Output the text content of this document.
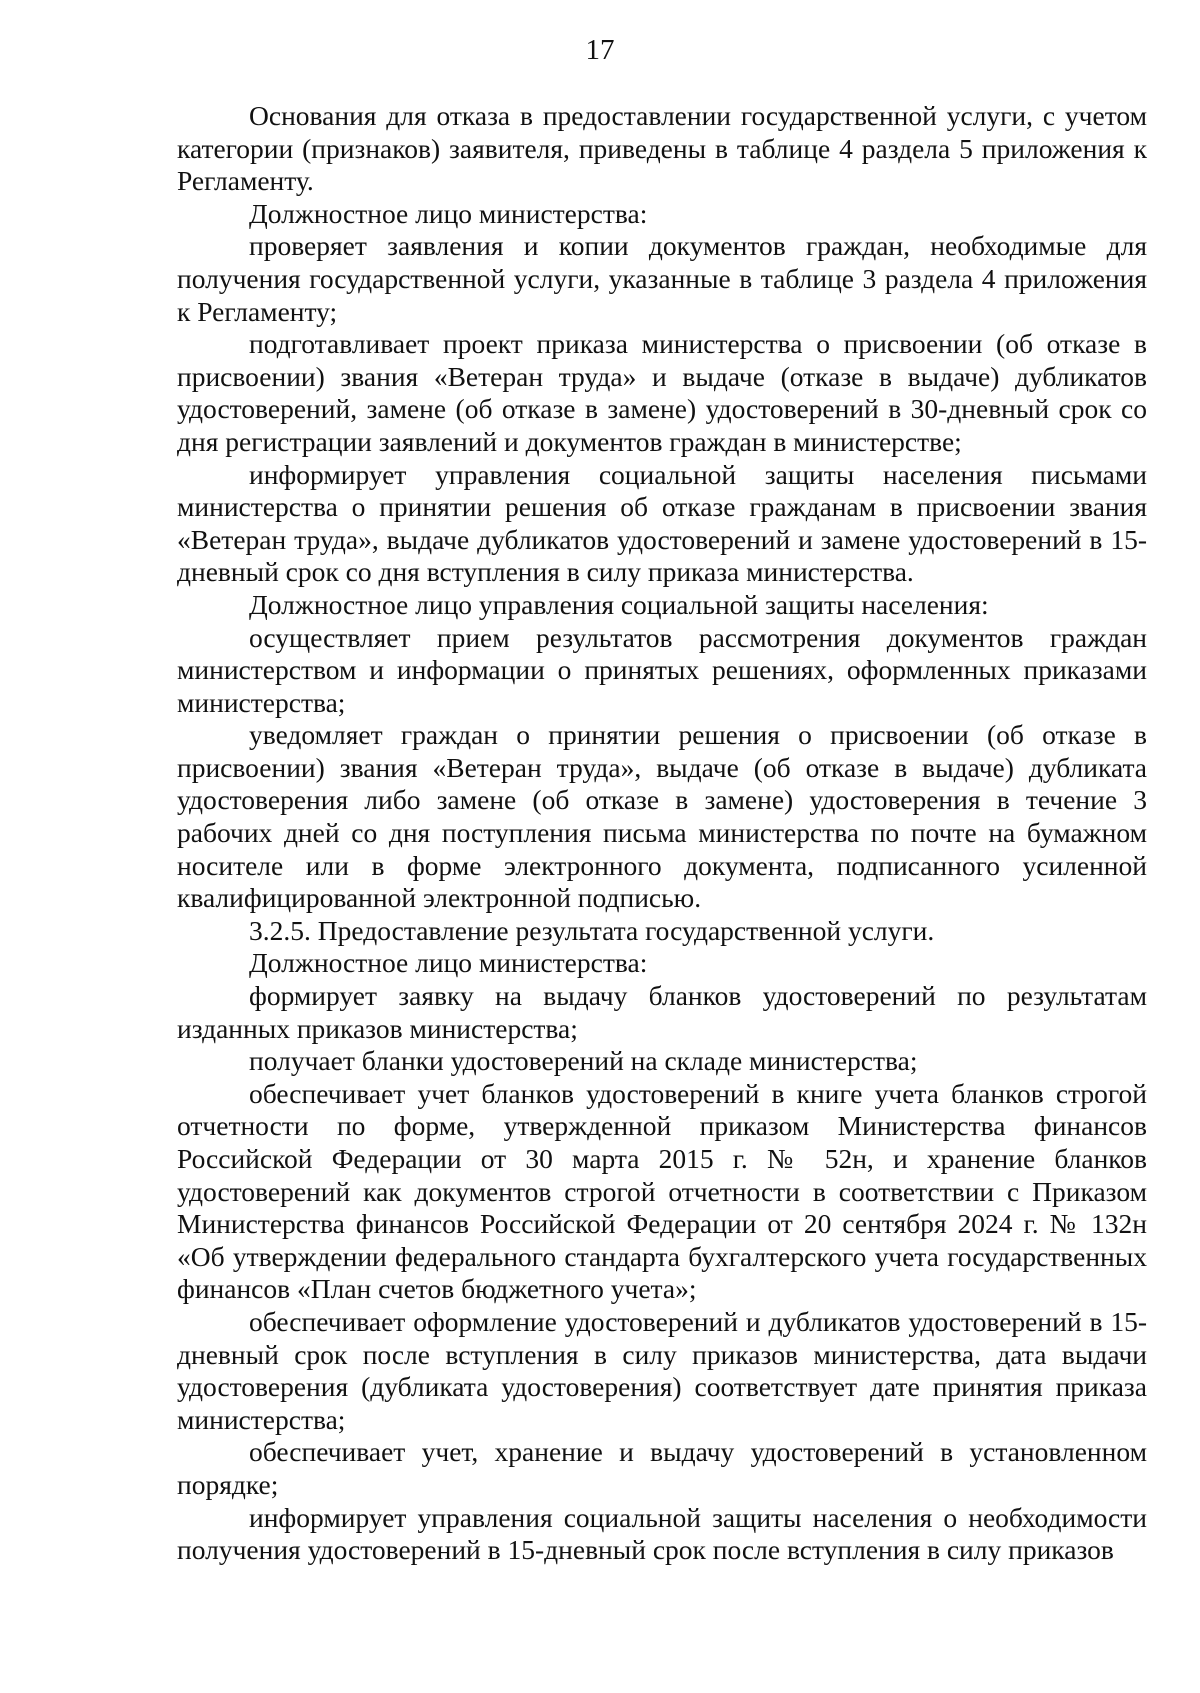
17

Основания для отказа в предоставлении государственной услуги, с учетом категории (признаков) заявителя, приведены в таблице 4 раздела 5 приложения к Регламенту.

Должностное лицо министерства:

проверяет заявления и копии документов граждан, необходимые для получения государственной услуги, указанные в таблице 3 раздела 4 приложения к Регламенту;

подготавливает проект приказа министерства о присвоении (об отказе в присвоении) звания «Ветеран труда» и выдаче (отказе в выдаче) дубликатов удостоверений, замене (об отказе в замене) удостоверений в 30-дневный срок со дня регистрации заявлений и документов граждан в министерстве;

информирует управления социальной защиты населения письмами министерства о принятии решения об отказе гражданам в присвоении звания «Ветеран труда», выдаче дубликатов удостоверений и замене удостоверений в 15-дневный срок со дня вступления в силу приказа министерства.

Должностное лицо управления социальной защиты населения:

осуществляет прием результатов рассмотрения документов граждан министерством и информации о принятых решениях, оформленных приказами министерства;

уведомляет граждан о принятии решения о присвоении (об отказе в присвоении) звания «Ветеран труда», выдаче (об отказе в выдаче) дубликата удостоверения либо замене (об отказе в замене) удостоверения в течение 3 рабочих дней со дня поступления письма министерства по почте на бумажном носителе или в форме электронного документа, подписанного усиленной квалифицированной электронной подписью.

3.2.5. Предоставление результата государственной услуги.

Должностное лицо министерства:

формирует заявку на выдачу бланков удостоверений по результатам изданных приказов министерства;

получает бланки удостоверений на складе министерства;

обеспечивает учет бланков удостоверений в книге учета бланков строгой отчетности по форме, утвержденной приказом Министерства финансов Российской Федерации от 30 марта 2015 г. № 52н, и хранение бланков удостоверений как документов строгой отчетности в соответствии с Приказом Министерства финансов Российской Федерации от 20 сентября 2024 г. № 132н «Об утверждении федерального стандарта бухгалтерского учета государственных финансов «План счетов бюджетного учета»;

обеспечивает оформление удостоверений и дубликатов удостоверений в 15-дневный срок после вступления в силу приказов министерства, дата выдачи удостоверения (дубликата удостоверения) соответствует дате принятия приказа министерства;

обеспечивает учет, хранение и выдачу удостоверений в установленном порядке;

информирует управления социальной защиты населения о необходимости получения удостоверений в 15-дневный срок после вступления в силу приказов
